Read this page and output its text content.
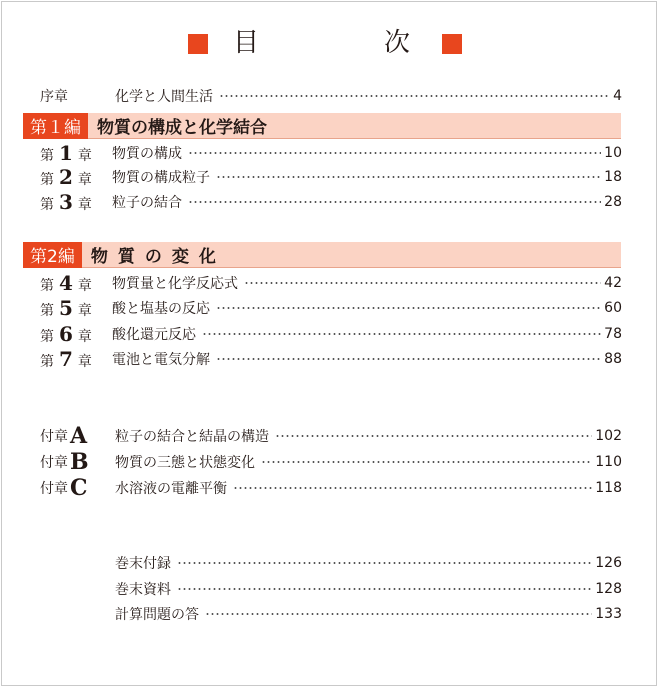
目	次
序章	化学と人間生活	4
第１編 物質の構成と化学結合
第 1 章	物質の構成	10
第 2 章	物質の構成粒子	18
第 3 章	粒子の結合	28
第2編 物質の変化
第 4 章	物質量と化学反応式	42
第 5 章	酸と塩基の反応	60
第 6 章	酸化還元反応	78
第 7 章	電池と電気分解	88
付章 A 粒子の結合と結晶の構造	102
付章 B 物質の三態と状態変化	110
付章 C 水溶液の電離平衡	118
巻末付録	126
巻末資料	128
計算問題の答	133
